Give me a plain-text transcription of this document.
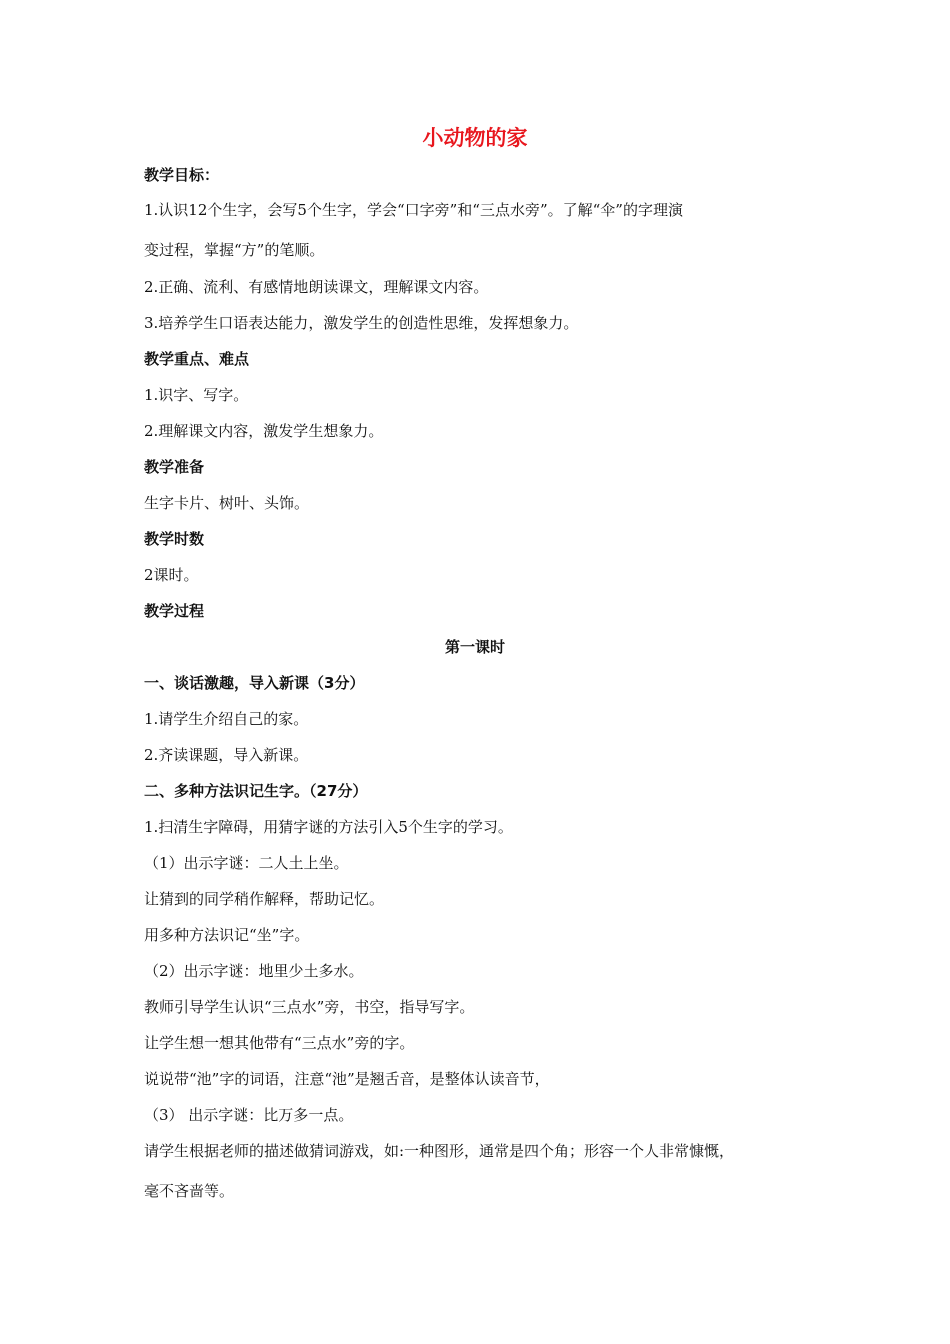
小动物的家
教学目标：
1.认识12个生字，会写5个生字，学会“口字旁”和“三点水旁”。了解“伞”的字理演
变过程，掌握“方”的笔顺。
2.正确、流利、有感情地朗读课文，理解课文内容。
3.培养学生口语表达能力，激发学生的创造性思维，发挥想象力。
教学重点、难点
1.识字、写字。
2.理解课文内容，激发学生想象力。
教学准备
生字卡片、树叶、头饰。
教学时数
2课时。
教学过程
第一课时
一、谈话激趣，导入新课（3分）
1.请学生介绍自己的家。
2.齐读课题，导入新课。
二、多种方法识记生字。（27分）
1.扫清生字障碍，用猜字谜的方法引入5个生字的学习。
（1）出示字谜：二人土上坐。
让猜到的同学稍作解释，帮助记忆。
用多种方法识记“坐”字。
（2）出示字谜：地里少土多水。
教师引导学生认识“三点水”旁，书空，指导写字。
让学生想一想其他带有“三点水”旁的字。
说说带“池”字的词语，注意“池”是翘舌音，是整体认读音节，
（3） 出示字谜：比万多一点。
请学生根据老师的描述做猜词游戏，如:一种图形，通常是四个角；形容一个人非常慷慨，
毫不吝啬等。
